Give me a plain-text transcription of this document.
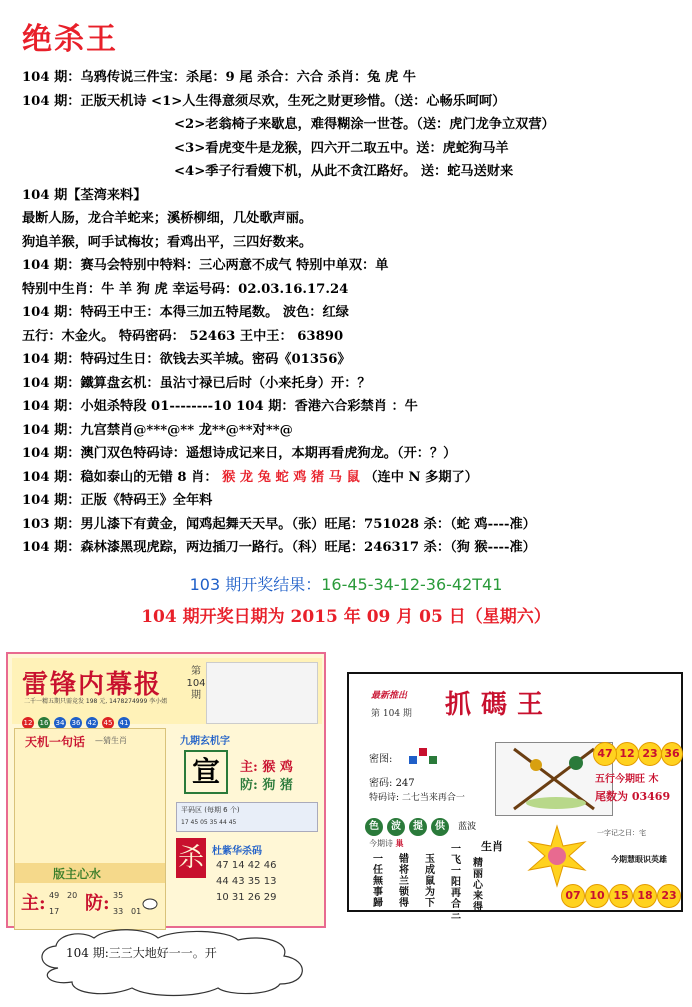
绝杀王
104 期：乌鸦传说三件宝：杀尾：9 尾 杀合：六合 杀肖：兔 虎 牛
104 期：正版天机诗 <1>人生得意须尽欢，生死之财更珍惜。（送：心畅乐呵呵）
<2>老翁椅子来歇息，难得糊涂一世苍。（送：虎门龙争立双营）
<3>看虎变牛是龙猴，四六开二取五中。送：虎蛇狗马羊
<4>季子行看嫂下机，从此不贪江路好。 送：蛇马送财来
104 期【荃湾来料】
最断人肠，龙合羊蛇来；溪桥柳细，几处歌声丽。
狗追羊猴，呵手试梅妆；看鸡出平，三四好数来。
104 期：赛马会特别中特料：三心两意不成气 特别中单双：单
特别中生肖：牛 羊 狗 虎 幸运号码：02.03.16.17.24
104 期：特码王中王：本得三加五特尾数。 波色：红绿
五行：木金火。 特码密码： 52463 王中王： 63890
104 期：特码过生日：欲钱去买羊城。密码《01356》
104 期：鐵算盘玄机：虽沾寸禄已后时（小来托身）开：？
104 期：小姐杀特段 01--------10 104 期：香港六合彩禁肖 ：牛
104 期：九宫禁肖@***@** 龙**@**对**@
104 期：澳门双色特码诗：遥想诗成记来日，本期再看虎狗龙。（开：？）
104 期：稳如泰山的无错 8 肖： 猴 龙 兔 蛇 鸡 猪 马 鼠 （连中 N 多期了）
104 期：正版《特码王》全年料
103 期：男儿漆下有黄金，闻鸡起舞天天早。（张）旺尾：751028 杀：（蛇 鸡----准）
104 期：森林漆黑现虎踪，两边插刀一路行。（科）旺尾：246317 杀：（狗 猴----准）
103 期开奖结果：16-45-34-12-36-42T41
104 期开奖日期为 2015 年 09 月 05 日（星期六）
雷锋内幕报
二千一精五期只需竞发 198 元, 1478274999 李小姐
第
104
期
12 16 34 36 42 45 41
天机一句话 —猜生肖
版主心水
主: 防:
49 20
17
35
33 01
九期玄机字
宣	主: 猴 鸡
防: 狗 猪
平码区 (每期 6 个)
17 45 05 35 44 45
杀 杜紫华杀码
47 14 42 46
44 43 35 13
10 31 26 29
最新推出
第 104 期 抓碼王
密图:
密码: 247
特码诗: 二七当来再合一
12 23 36
47
五行今期旺 木
尾数为 03469
色 波 提 供 蓝波
今期诗 巢
一任無事歸
错将兰锁得
玉成鼠为下
一飞一阳再合三
精丽心来得
生肖
一字记之曰：宅
今期慧眼识英雄
07 10 15 18 23
104 期:三三大地好一一。开
